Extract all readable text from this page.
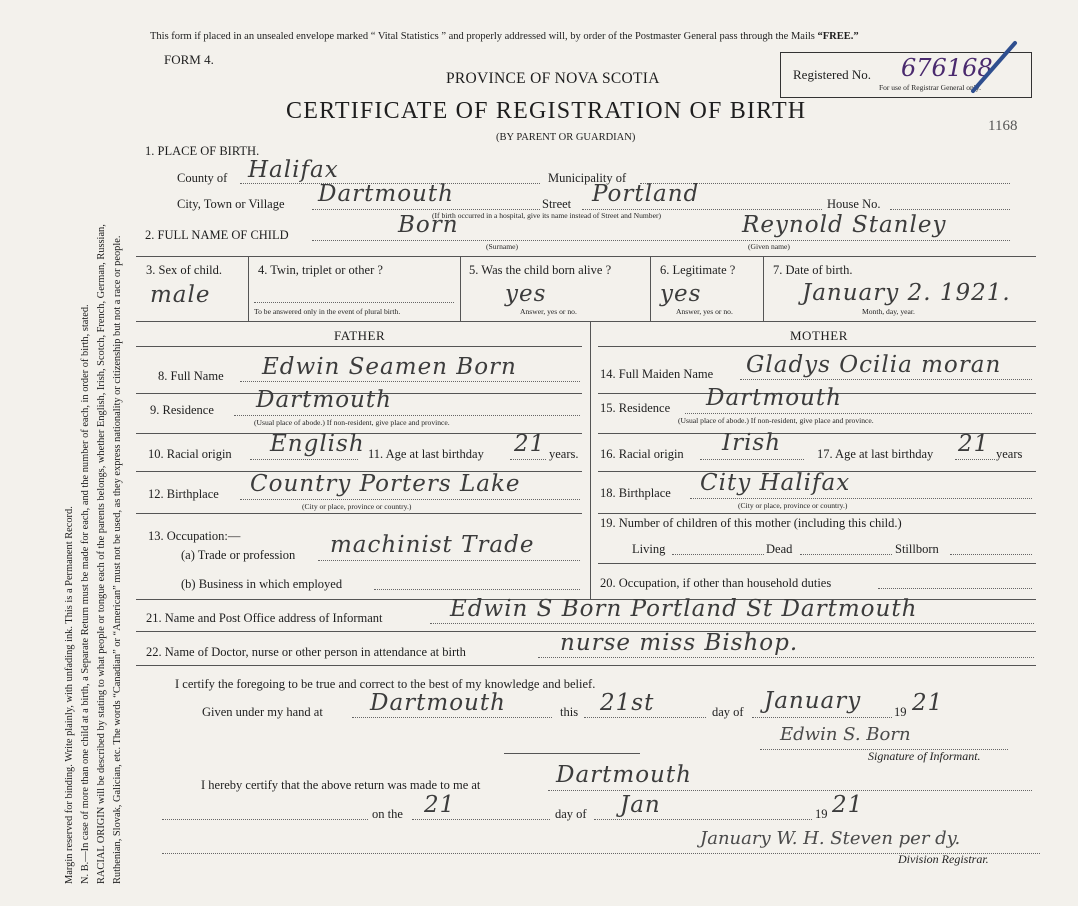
Margin reserved for binding. Write plainly, with unfading ink. This is a Permanent Record. N. B.—In case of more than one child at a birth, a Separate Return must be made for each, and the number of each, in order of birth, stated. RACIAL ORIGIN will be described by stating to what people or tongue each of the parents belongs, whether English, Irish, Scotch, French, German, Russian, Ruthenian, Slovak, Galician, etc. The words “Canadian” or “American” must not be used, as they express nationality or citizenship but not a race or people.
This form if placed in an unsealed envelope marked “ Vital Statistics ” and properly addressed will, by order of the Postmaster General pass through the Mails “FREE.”
FORM 4.
PROVINCE OF NOVA SCOTIA
CERTIFICATE OF REGISTRATION OF BIRTH
(BY PARENT OR GUARDIAN)
Registered No. 676168
For use of Registrar General only.
1168
1. PLACE OF BIRTH.
County of Halifax	Municipality of
City, Town or Village Dartmouth	Street Portland	House No.
(If birth occurred in a hospital, give its name instead of Street and Number)
2. FULL NAME OF CHILD	Born
(Surname)
Reynold Stanley
(Given name)
3. Sex of child.
male
4. Twin, triplet or other ?
To be answered only in the event of plural birth.
5. Was the child born alive ?
yes
Answer, yes or no.
6. Legitimate ?
yes
Answer, yes or no.
7. Date of birth.
January 2. 1921.
Month, day, year.
FATHER	MOTHER
8. Full Name Edwin Seamen Born
9. Residence Dartmouth
(Usual place of abode.) If non-resident, give place and province.
10. Racial origin English 11. Age at last birthday 21 years.
12. Birthplace Country Porters Lake
(City or place, province or country.)
13. Occupation:—
(a) Trade or profession machinist Trade
(b) Business in which employed
14. Full Maiden Name Gladys Ocilia moran
15. Residence Dartmouth
(Usual place of abode.) If non-resident, give place and province.
16. Racial origin Irish	17. Age at last birthday 21 years
18. Birthplace City Halifax
(City or place, province or country.)
19. Number of children of this mother (including this child.)
Living	Dead	Stillborn
20. Occupation, if other than household duties
21. Name and Post Office address of Informant	Edwin S Born Portland St Dartmouth
22. Name of Doctor, nurse or other person in attendance at birth	nurse miss Bishop.
I certify the foregoing to be true and correct to the best of my knowledge and belief.
Given under my hand at Dartmouth	this 21st	day of January	19 21
Edwin S. Born
Signature of Informant.
I hereby certify that the above return was made to me at	Dartmouth
on the 21	day of Jan	19 21
January W. H. Steven per dy.
Division Registrar.
